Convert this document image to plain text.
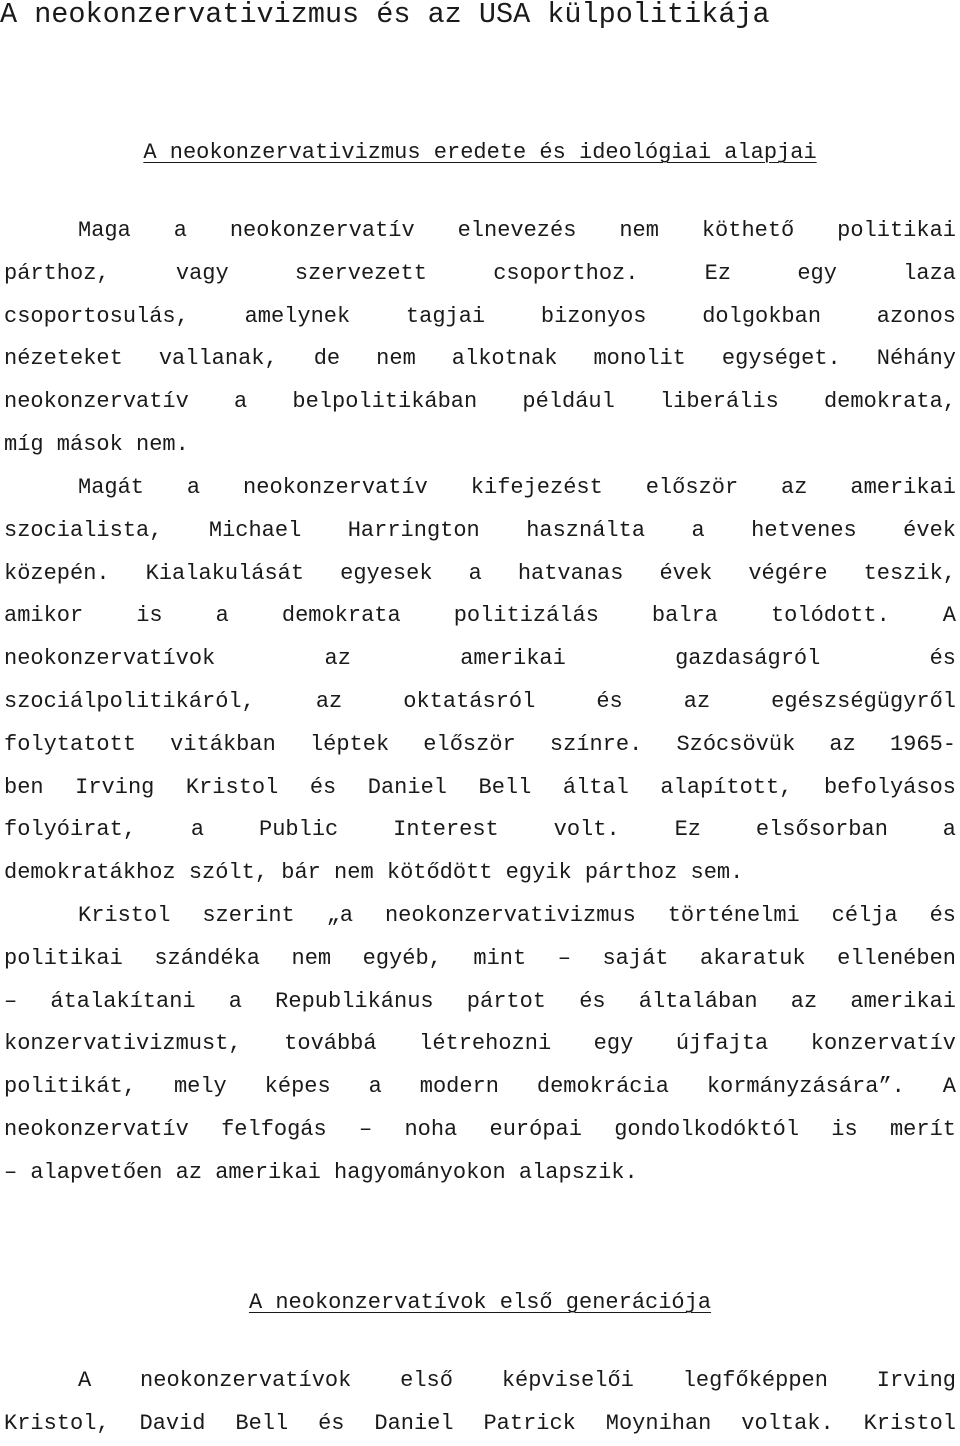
A neokonzervativizmus és az USA külpolitikája
A neokonzervativizmus eredete és ideológiai alapjai

Maga a neokonzervatív elnevezés nem köthető politikai
párthoz, vagy szervezett csoporthoz. Ez egy laza
csoportosulás, amelynek tagjai bizonyos dolgokban azonos
nézeteket vallanak, de nem alkotnak monolit egységet. Néhány
neokonzervatív a belpolitikában például liberális demokrata,
míg mások nem.

Magát a neokonzervatív kifejezést először az amerikai
szocialista, Michael Harrington használta a hetvenes évek
közepén. Kialakulását egyesek a hatvanas évek végére teszik,
amikor is a demokrata politizálás balra tolódott. A
neokonzervatívok az amerikai gazdaságról és
szociálpolitikáról, az oktatásról és az egészségügyről
folytatott vitákban léptek először színre. Szócsövük az 1965-
ben Irving Kristol és Daniel Bell által alapított, befolyásos
folyóirat, a Public Interest volt. Ez elsősorban a
demokratákhoz szólt, bár nem kötődött egyik párthoz sem.

Kristol szerint „a neokonzervativizmus történelmi célja és
politikai szándéka nem egyéb, mint – saját akaratuk ellenében
– átalakítani a Republikánus pártot és általában az amerikai
konzervativizmust, továbbá létrehozni egy újfajta konzervatív
politikát, mely képes a modern demokrácia kormányzására”. A
neokonzervatív felfogás – noha európai gondolkodóktól is merít
– alapvetően az amerikai hagyományokon alapszik.

A neokonzervatívok első generációja

A neokonzervatívok első képviselői legfőképpen Irving
Kristol, David Bell és Daniel Patrick Moynihan voltak. Kristol
